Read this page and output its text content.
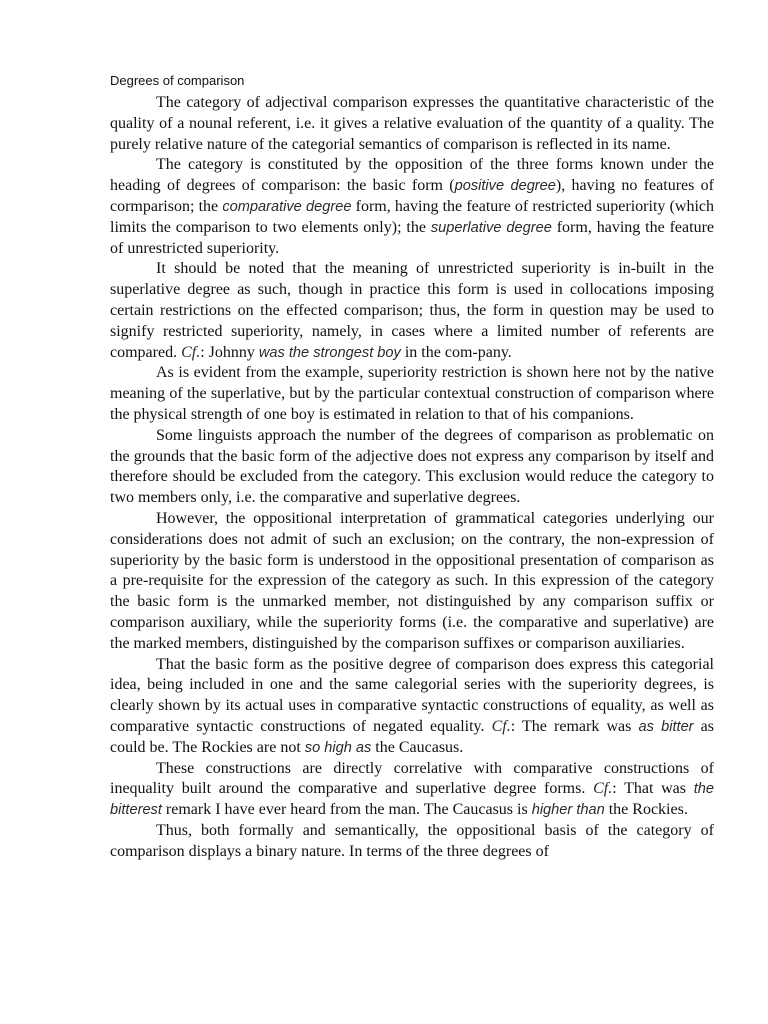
Degrees of comparison

The category of adjectival comparison expresses the quantitative characteristic of the quality of a nounal referent, i.e. it gives a relative evaluation of the quantity of a quality. The purely relative nature of the categorial semantics of comparison is reflected in its name.

The category is constituted by the opposition of the three forms known under the heading of degrees of comparison: the basic form (positive degree), having no features of cormparison; the comparative degree form, having the feature of restricted superiority (which limits the comparison to two elements only); the superlative degree form, having the feature of unrestricted superiority.

It should be noted that the meaning of unrestricted superiority is in-built in the superlative degree as such, though in practice this form is used in collocations imposing certain restrictions on the effected comparison; thus, the form in question may be used to signify restricted superiority, namely, in cases where a limited number of referents are compared. Cf.: Johnny was the strongest boy in the com-pany.

As is evident from the example, superiority restriction is shown here not by the native meaning of the superlative, but by the particular contextual construction of comparison where the physical strength of one boy is estimated in relation to that of his companions.

Some linguists approach the number of the degrees of comparison as problematic on the grounds that the basic form of the adjective does not express any comparison by itself and therefore should be excluded from the category. This exclusion would reduce the category to two members only, i.e. the comparative and superlative degrees.

However, the oppositional interpretation of grammatical categories underlying our considerations does not admit of such an exclusion; on the contrary, the non-expression of superiority by the basic form is understood in the oppositional presentation of comparison as a pre-requisite for the expression of the category as such. In this expression of the category the basic form is the unmarked member, not distinguished by any comparison suffix or comparison auxiliary, while the superiority forms (i.e. the comparative and superlative) are the marked members, distinguished by the comparison suffixes or comparison auxiliaries.

That the basic form as the positive degree of comparison does express this categorial idea, being included in one and the same calegorial series with the superiority degrees, is clearly shown by its actual uses in comparative syntactic constructions of equality, as well as comparative syntactic constructions of negated equality. Cf.: The remark was as bitter as could be. The Rockies are not so high as the Caucasus.

These constructions are directly correlative with comparative constructions of inequality built around the comparative and superlative degree forms. Cf.: That was the bitterest remark I have ever heard from the man. The Caucasus is higher than the Rockies.

Thus, both formally and semantically, the oppositional basis of the category of comparison displays a binary nature. In terms of the three degrees of
